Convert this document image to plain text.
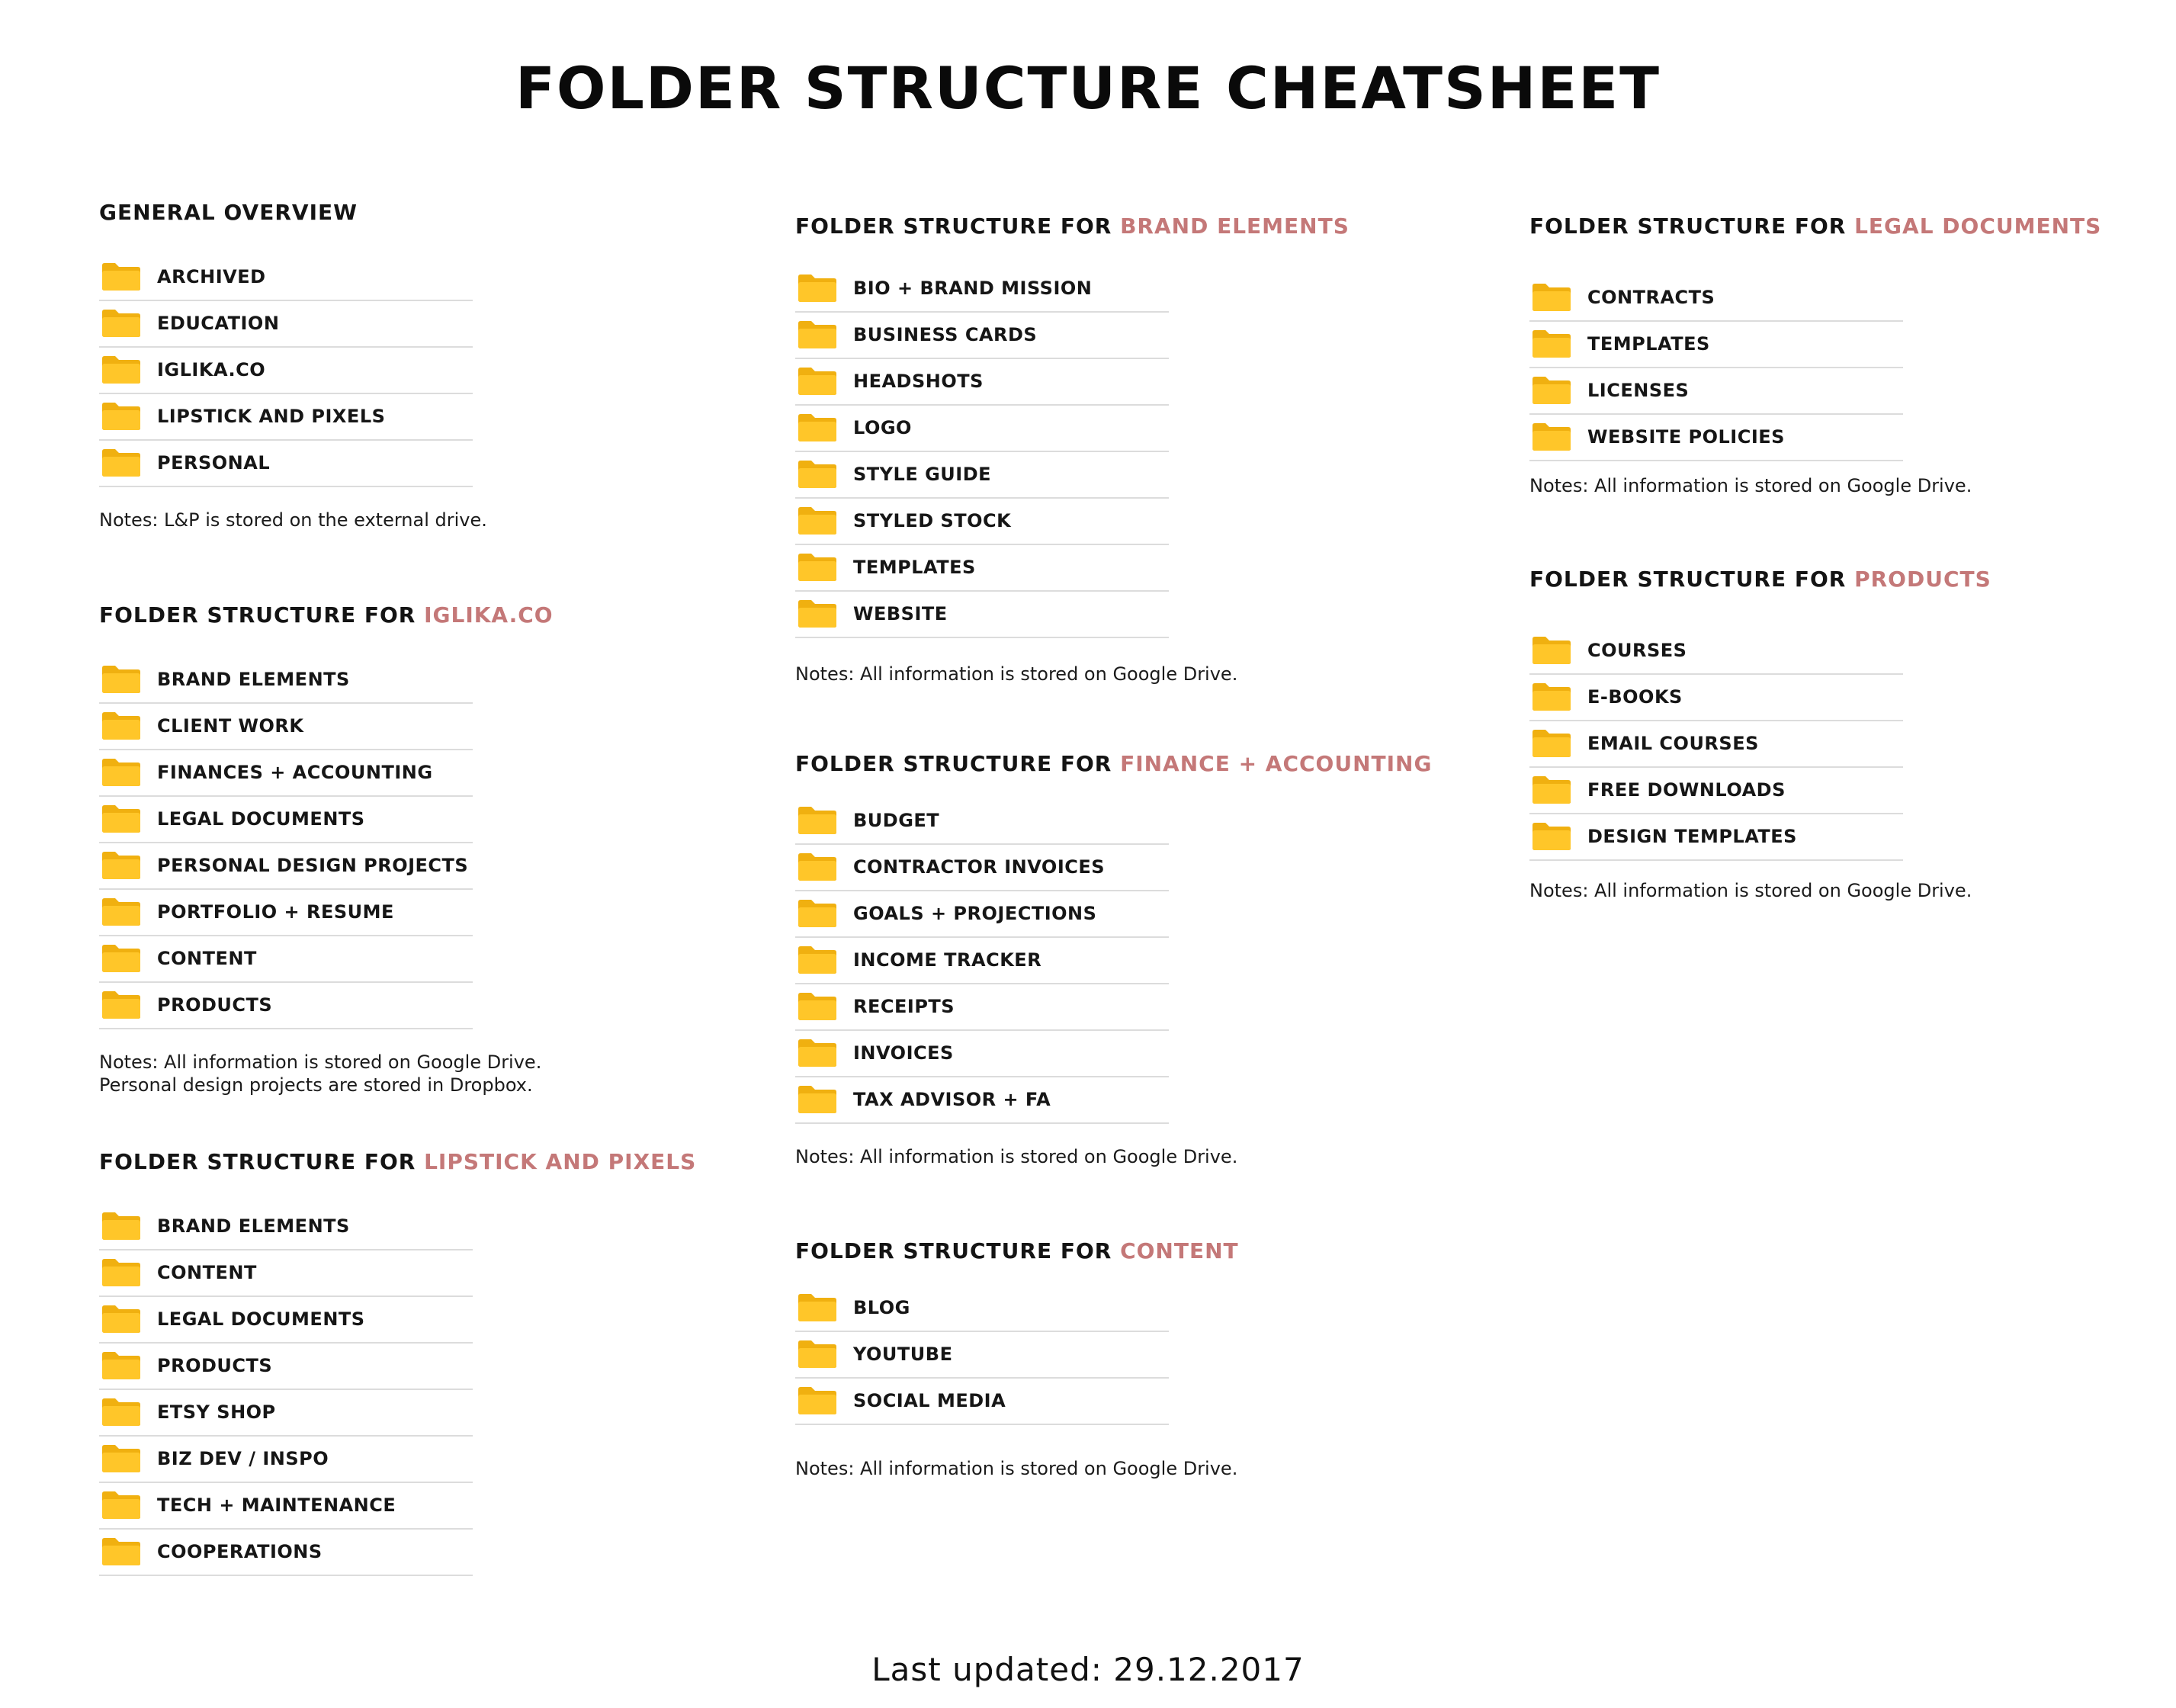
FOLDER STRUCTURE CHEATSHEET
GENERAL OVERVIEW
ARCHIVED
EDUCATION
IGLIKA.CO
LIPSTICK AND PIXELS
PERSONAL

Notes: L&P is stored on the external drive.

FOLDER STRUCTURE FOR IGLIKA.CO
BRAND ELEMENTS
CLIENT WORK
FINANCES + ACCOUNTING
LEGAL DOCUMENTS
PERSONAL DESIGN PROJECTS
PORTFOLIO + RESUME
CONTENT
PRODUCTS

Notes: All information is stored on Google Drive.
Personal design projects are stored in Dropbox.

FOLDER STRUCTURE FOR LIPSTICK AND PIXELS
BRAND ELEMENTS
CONTENT
LEGAL DOCUMENTS
PRODUCTS
ETSY SHOP
BIZ DEV / INSPO
TECH + MAINTENANCE
COOPERATIONS
FOLDER STRUCTURE FOR BRAND ELEMENTS
BIO + BRAND MISSION
BUSINESS CARDS
HEADSHOTS
LOGO
STYLE GUIDE
STYLED STOCK
TEMPLATES
WEBSITE

Notes: All information is stored on Google Drive.

FOLDER STRUCTURE FOR FINANCE + ACCOUNTING
BUDGET
CONTRACTOR INVOICES
GOALS + PROJECTIONS
INCOME TRACKER
RECEIPTS
INVOICES
TAX ADVISOR + FA

Notes: All information is stored on Google Drive.

FOLDER STRUCTURE FOR CONTENT
BLOG
YOUTUBE
SOCIAL MEDIA

Notes: All information is stored on Google Drive.

FOLDER STRUCTURE FOR LEGAL DOCUMENTS
CONTRACTS
TEMPLATES
LICENSES
WEBSITE POLICIES

Notes: All information is stored on Google Drive.

FOLDER STRUCTURE FOR PRODUCTS
COURSES
E-BOOKS
EMAIL COURSES
FREE DOWNLOADS
DESIGN TEMPLATES

Notes: All information is stored on Google Drive.

Last updated: 29.12.2017
